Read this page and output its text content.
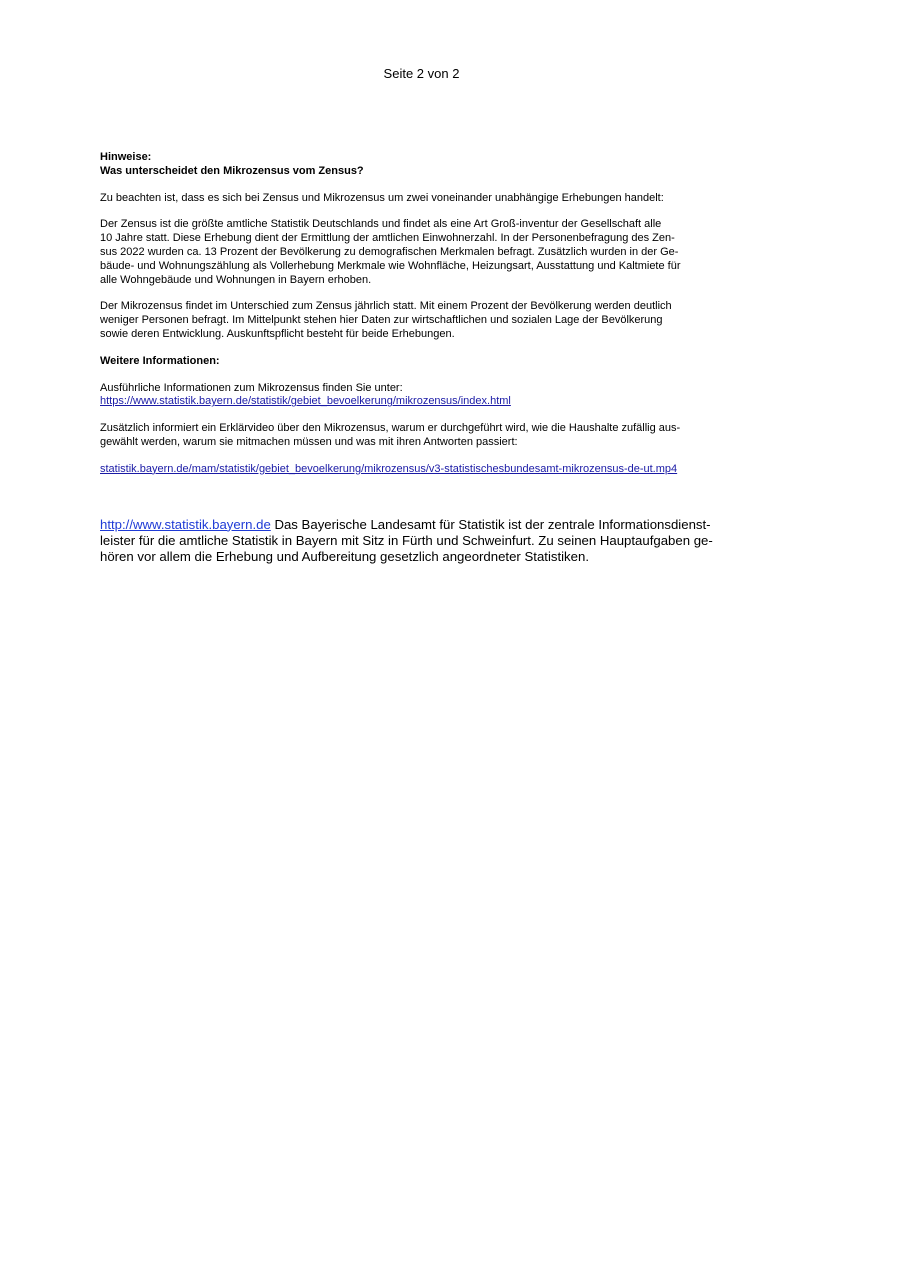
Seite 2 von 2

Hinweise:

Was unterscheidet den Mikrozensus vom Zensus?

Zu beachten ist, dass es sich bei Zensus und Mikrozensus um zwei voneinander unabhängige Erhebungen handelt:

Der Zensus ist die größte amtliche Statistik Deutschlands und findet als eine Art Groß-inventur der Gesellschaft alle
10 Jahre statt. Diese Erhebung dient der Ermittlung der amtlichen Einwohnerzahl. In der Personenbefragung des Zen-
sus 2022 wurden ca. 13 Prozent der Bevölkerung zu demografischen Merkmalen befragt. Zusätzlich wurden in der Ge-
bäude- und Wohnungszählung als Vollerhebung Merkmale wie Wohnfläche, Heizungsart, Ausstattung und Kaltmiete für
alle Wohngebäude und Wohnungen in Bayern erhoben.
Der Mikrozensus findet im Unterschied zum Zensus jährlich statt. Mit einem Prozent der Bevölkerung werden deutlich
weniger Personen befragt. Im Mittelpunkt stehen hier Daten zur wirtschaftlichen und sozialen Lage der Bevölkerung
sowie deren Entwicklung. Auskunftspflicht besteht für beide Erhebungen.

Weitere Informationen:

Ausführliche Informationen zum Mikrozensus finden Sie unter:

https://www.statistik.bayern.de/statistik/gebiet_bevoelkerung/mikrozensus/index.html

Zusätzlich informiert ein Erklärvideo über den Mikrozensus, warum er durchgeführt wird, wie die Haushalte zufällig aus-
gewählt werden, warum sie mitmachen müssen und was mit ihren Antworten passiert:

statistik.bayern.de/mam/statistik/gebiet_bevoelkerung/mikrozensus/v3-statistischesbundesamt-mikrozensus-de-ut.mp4

http://www.statistik.bayern.de Das Bayerische Landesamt für Statistik ist der zentrale Informationsdienst-
leister für die amtliche Statistik in Bayern mit Sitz in Fürth und Schweinfurt. Zu seinen Hauptaufgaben ge-
hören vor allem die Erhebung und Aufbereitung gesetzlich angeordneter Statistiken.
